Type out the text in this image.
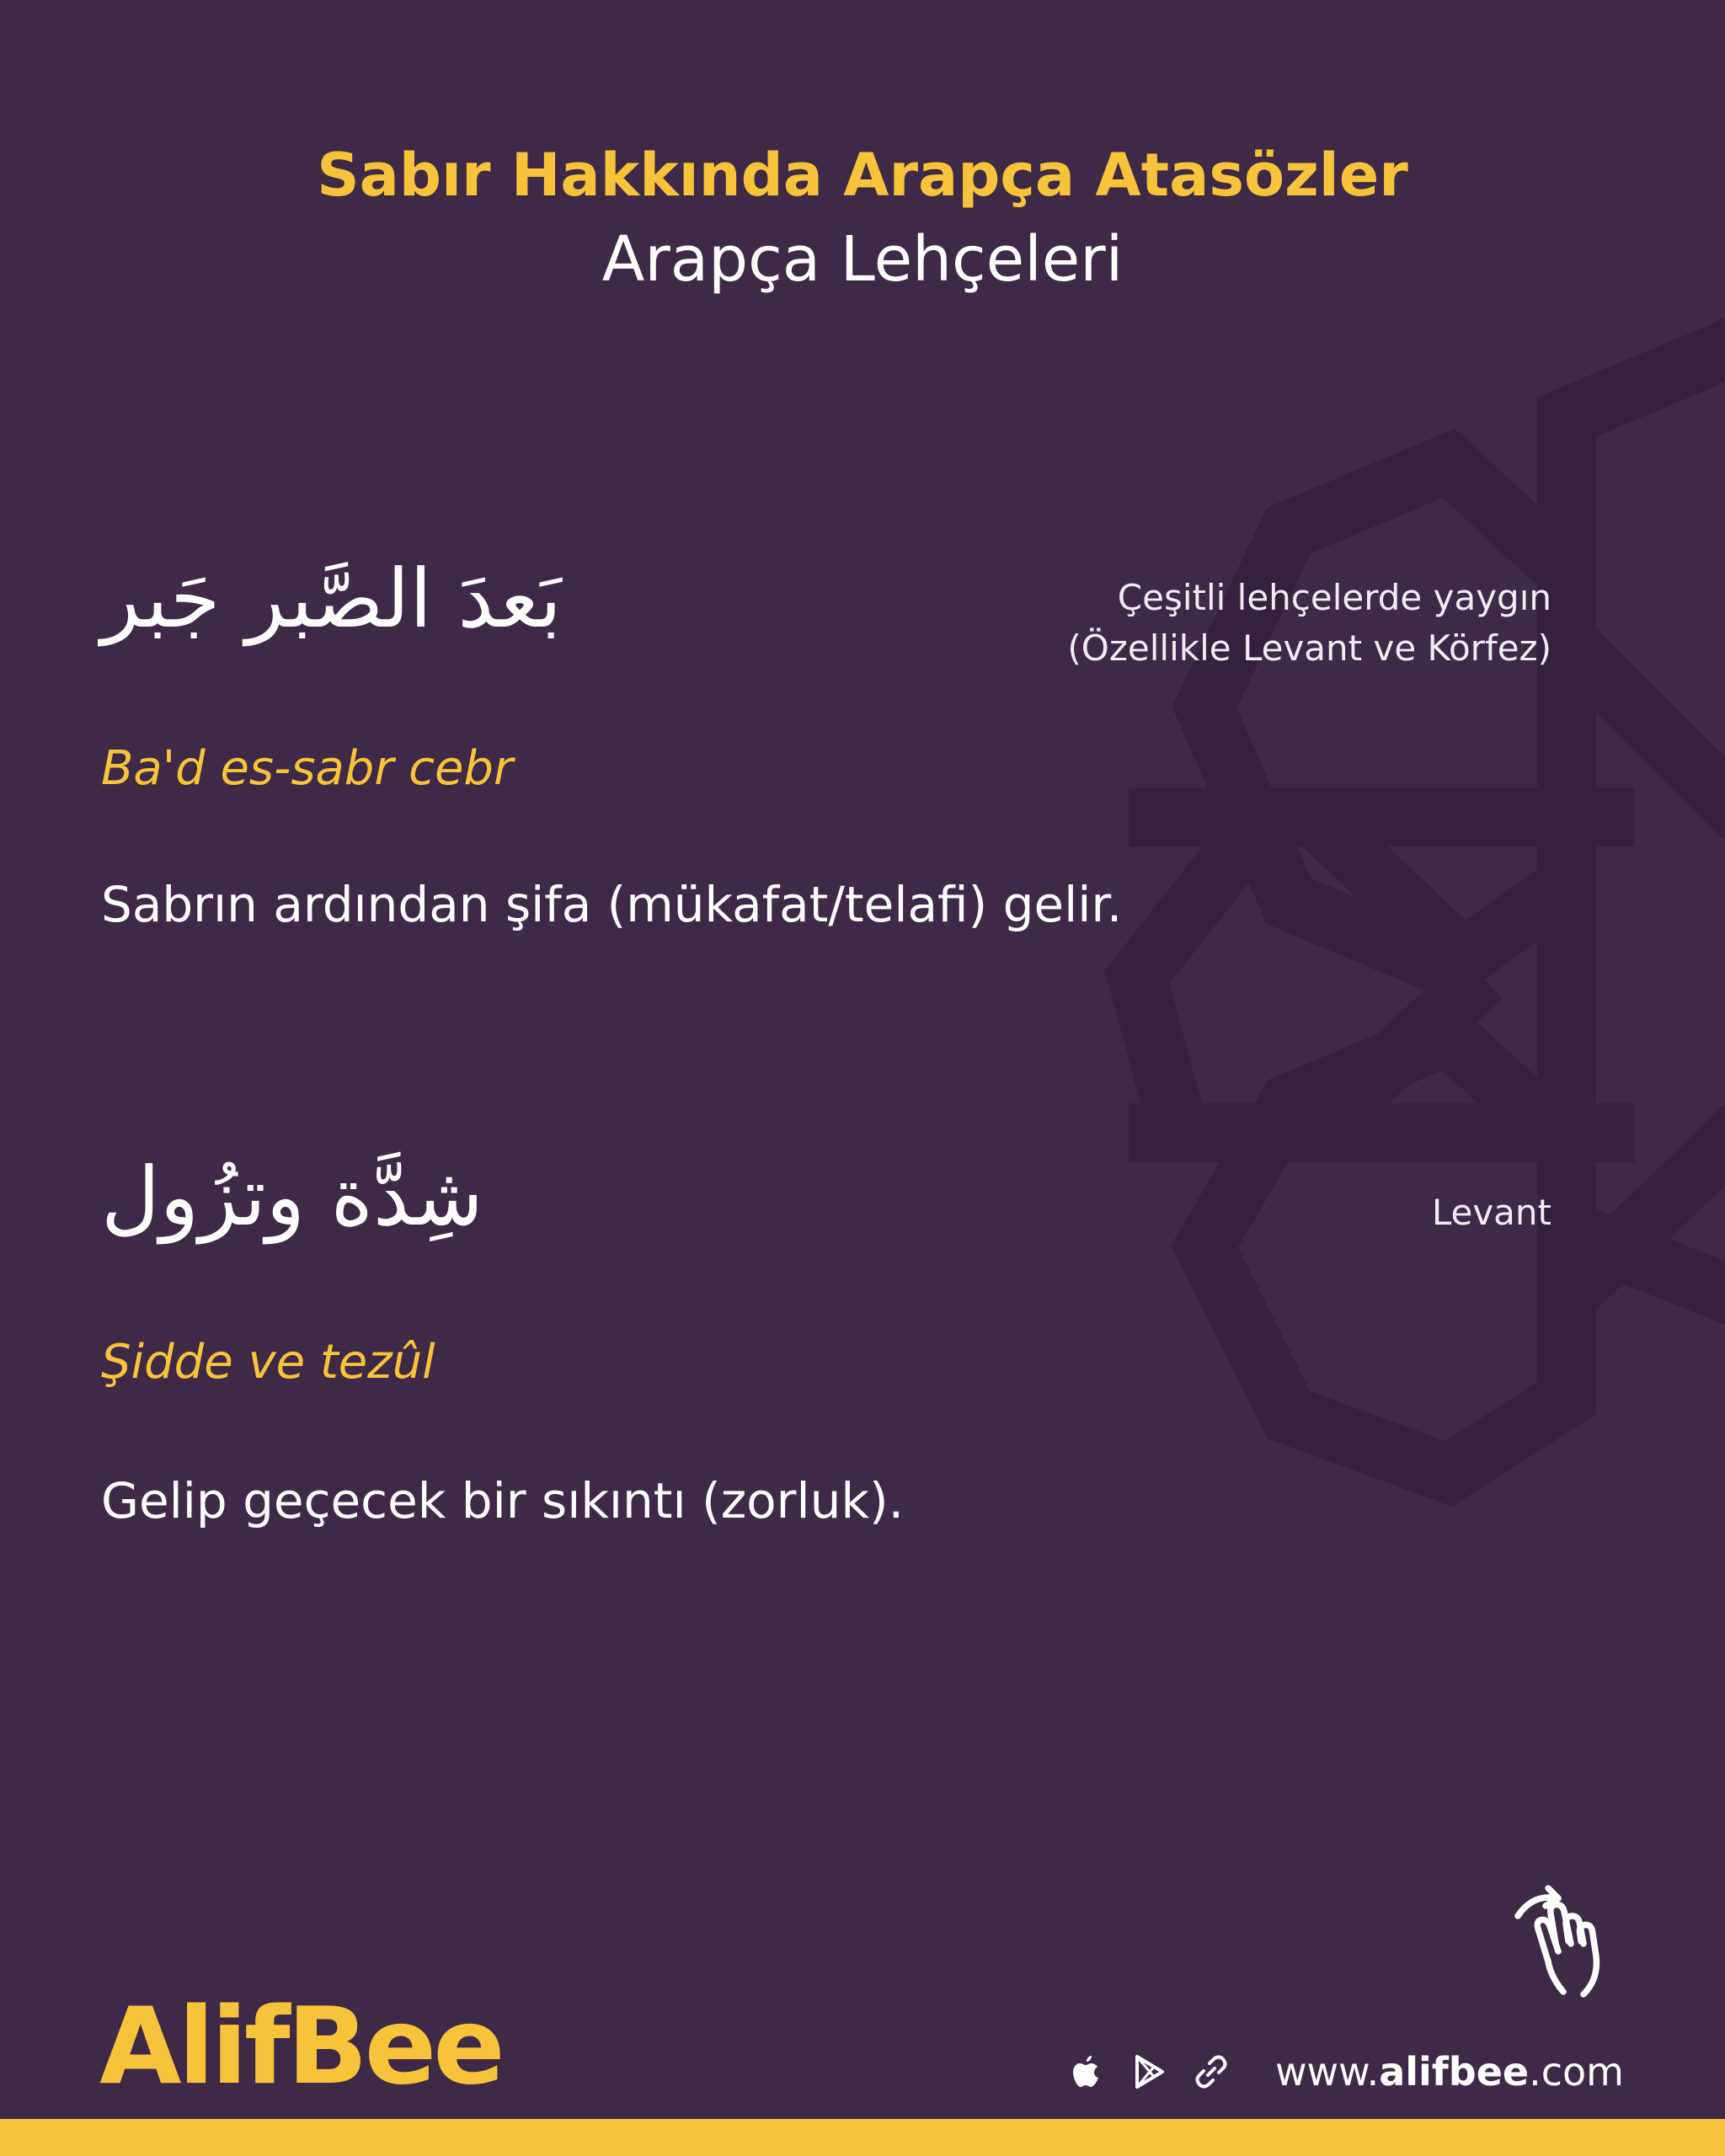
Sabır Hakkında Arapça Atasözler
Arapça Lehçeleri
بَعدَ الصَّبر جَبر	Çeşitli lehçelerde yaygın
(Özellikle Levant ve Körfez)
Ba'd es-sabr cebr
Sabrın ardından şifa (mükafat/telafi) gelir.
شِدَّة وتزُول	Levant
Şidde ve tezûl
Gelip geçecek bir sıkıntı (zorluk).
AlifBee	www.alifbee.com
